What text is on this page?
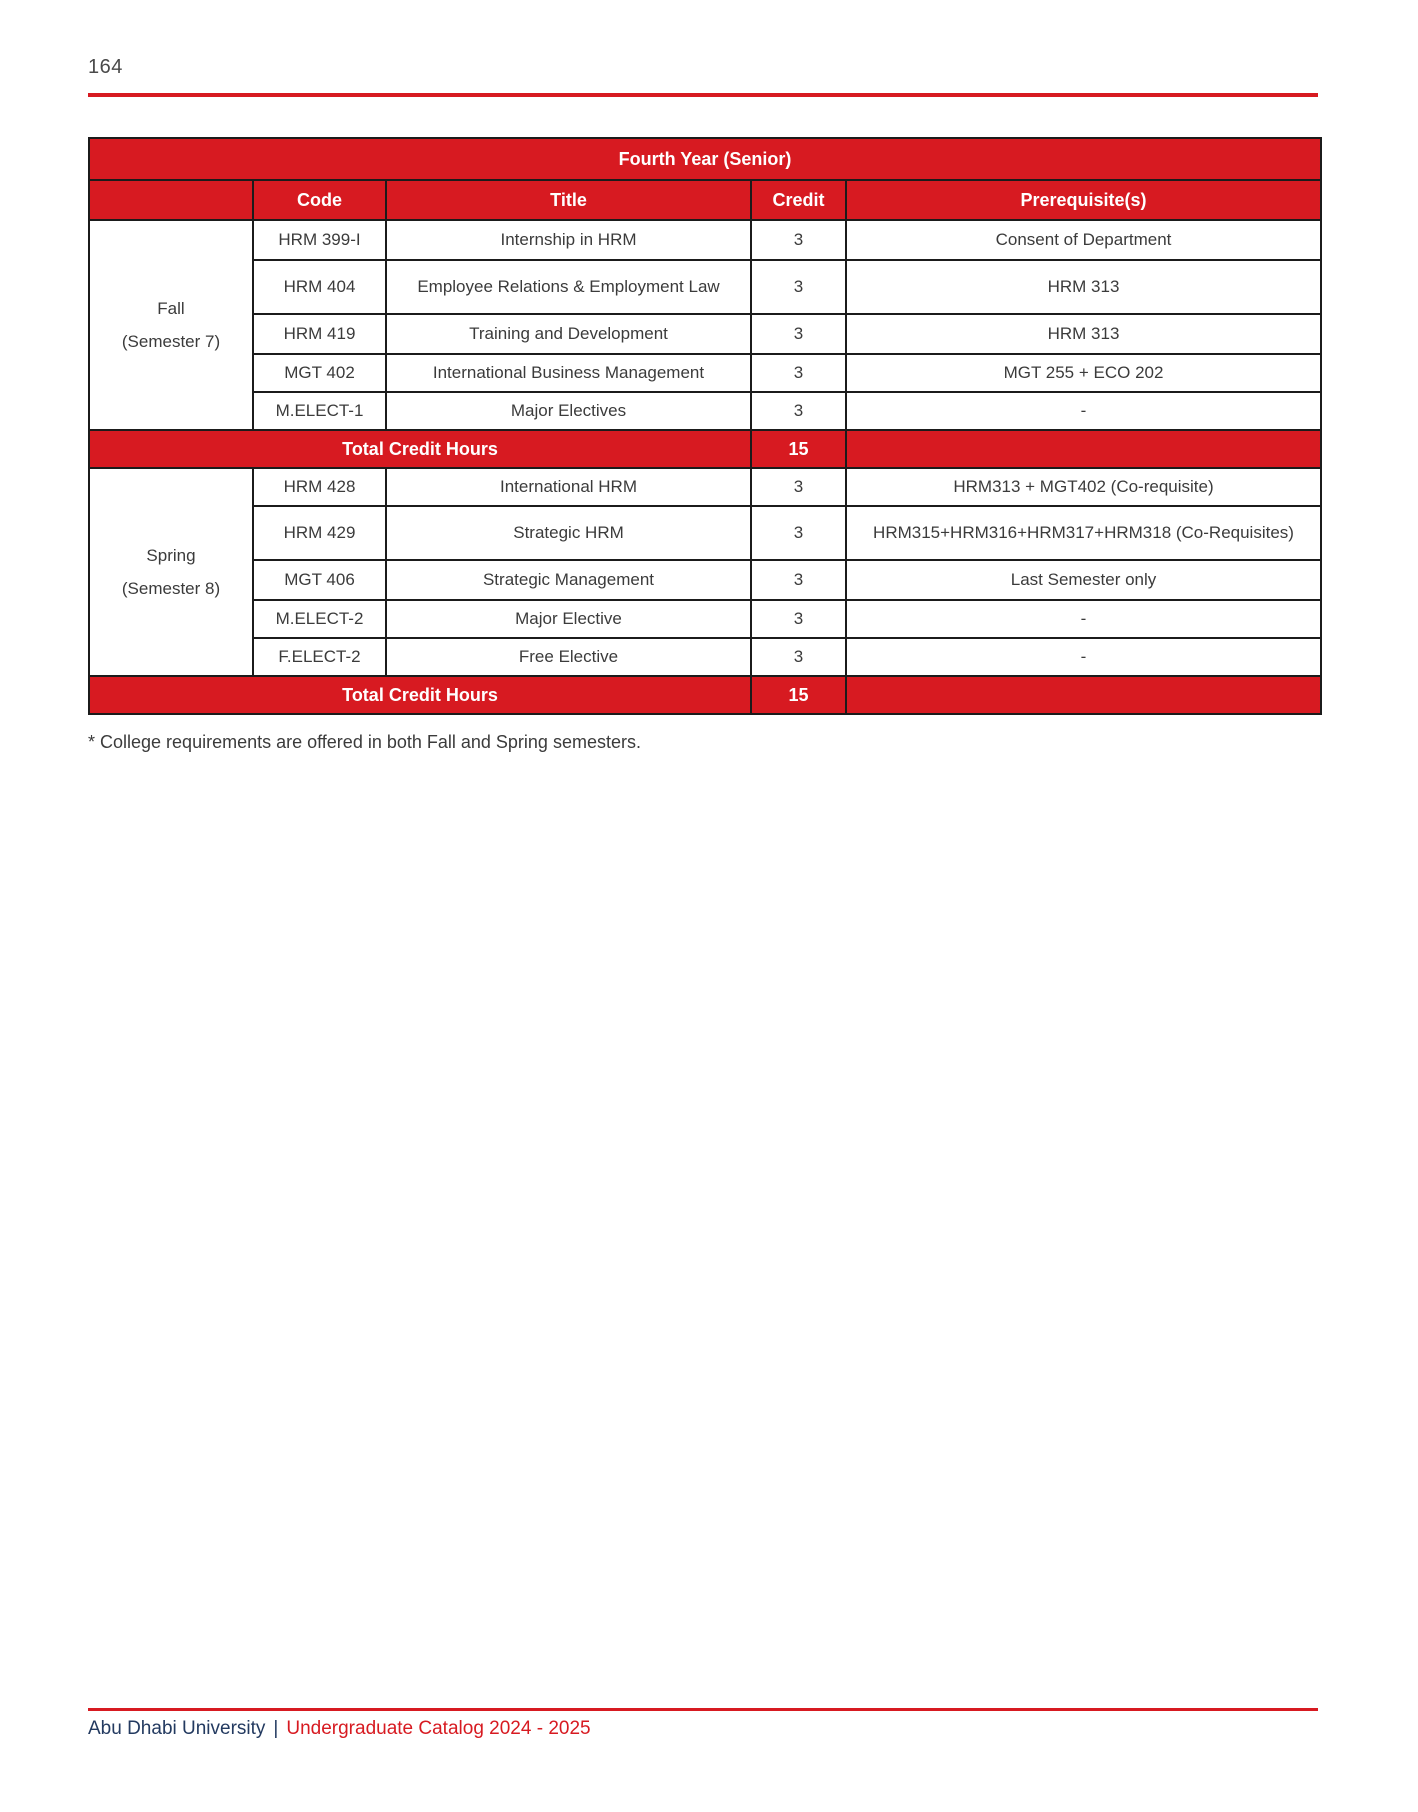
164
Fourth Year (Senior)				
	Code	Title	Credit	Prerequisite(s)

Fall
(Semester 7)	HRM 399-I	Internship in HRM	3	Consent of Department
	HRM 404	Employee Relations & Employment Law	3	HRM 313
	HRM 419	Training and Development	3	HRM 313
	MGT 402	International Business Management	3	MGT 255 + ECO 202
	M.ELECT-1	Major Electives	3	-
Total Credit Hours			15	

Spring
(Semester 8)	HRM 428	International HRM	3	HRM313 + MGT402 (Co-requisite)
	HRM 429	Strategic HRM	3	HRM315+HRM316+HRM317+HRM318 (Co-Requisites)
	MGT 406	Strategic Management	3	Last Semester only
	M.ELECT-2	Major Elective	3	-
	F.ELECT-2	Free Elective	3	-
Total Credit Hours			15	
* College requirements are offered in both Fall and Spring semesters.
Abu Dhabi University | Undergraduate Catalog 2024 - 2025
